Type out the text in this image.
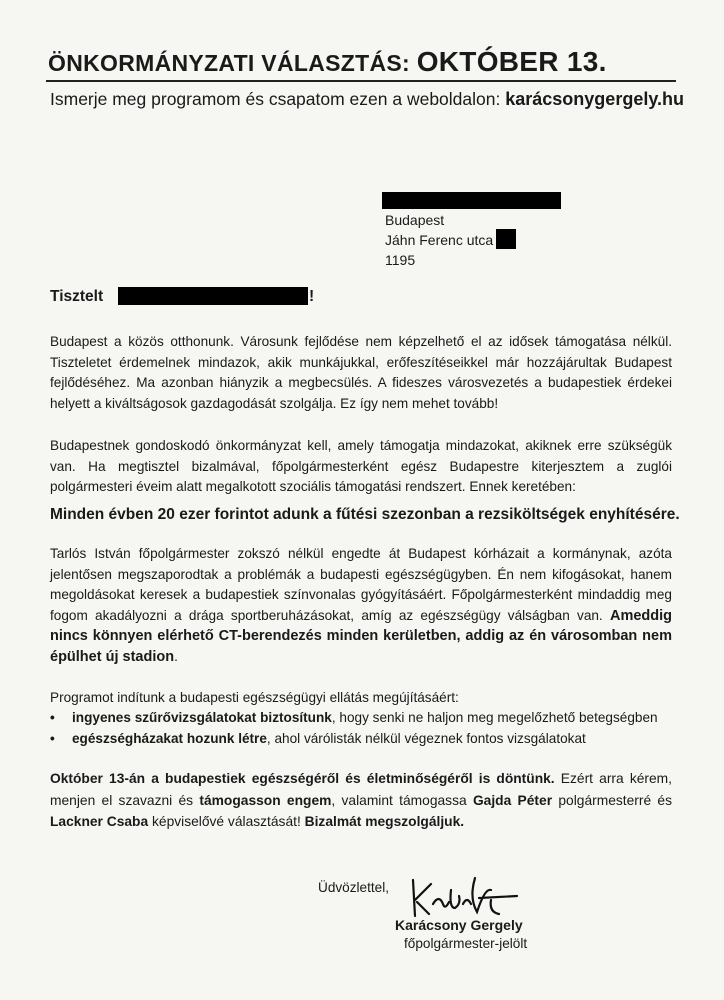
ÖNKORMÁNYZATI VÁLASZTÁS: OKTÓBER 13.
Ismerje meg programom és csapatom ezen a weboldalon: karácsonygergely.hu
Budapest
Jáhn Ferenc utca
1195
Tisztelt	!
Budapest a közös otthonunk. Városunk fejlődése nem képzelhető el az idősek támogatása nélkül. Tiszteletet érdemelnek mindazok, akik munkájukkal, erőfeszítéseikkel már hozzájárultak Budapest fejlődéséhez. Ma azonban hiányzik a megbecsülés. A fideszes városvezetés a budapestiek érdekei helyett a kiváltságosok gazdagodását szolgálja. Ez így nem mehet tovább!
Budapestnek gondoskodó önkormányzat kell, amely támogatja mindazokat, akiknek erre szükségük van. Ha megtisztel bizalmával, főpolgármesterként egész Budapestre kiterjesztem a zuglói polgármesteri éveim alatt megalkotott szociális támogatási rendszert. Ennek keretében:
Minden évben 20 ezer forintot adunk a fűtési szezonban a rezsiköltségek enyhítésére.
Tarlós István főpolgármester zokszó nélkül engedte át Budapest kórházait a kormánynak, azóta jelentősen megszaporodtak a problémák a budapesti egészségügyben. Én nem kifogásokat, hanem megoldásokat keresek a budapestiek színvonalas gyógyításáért. Főpolgármesterként mindaddig meg fogom akadályozni a drága sportberuházásokat, amíg az egészségügy válságban van. Ameddig nincs könnyen elérhető CT-berendezés minden kerületben, addig az én városomban nem épülhet új stadion.
Programot indítunk a budapesti egészségügyi ellátás megújításáért:
• ingyenes szűrővizsgálatokat biztosítunk, hogy senki ne haljon meg megelőzhető betegségben
• egészségházakat hozunk létre, ahol várólisták nélkül végeznek fontos vizsgálatokat
Október 13-án a budapestiek egészségéről és életminőségéről is döntünk. Ezért arra kérem, menjen el szavazni és támogasson engem, valamint támogassa Gajda Péter polgármesterré és Lackner Csaba képviselővé választását! Bizalmát megszolgáljuk.
Üdvözlettel,
Karácsony Gergely
főpolgármester-jelölt
